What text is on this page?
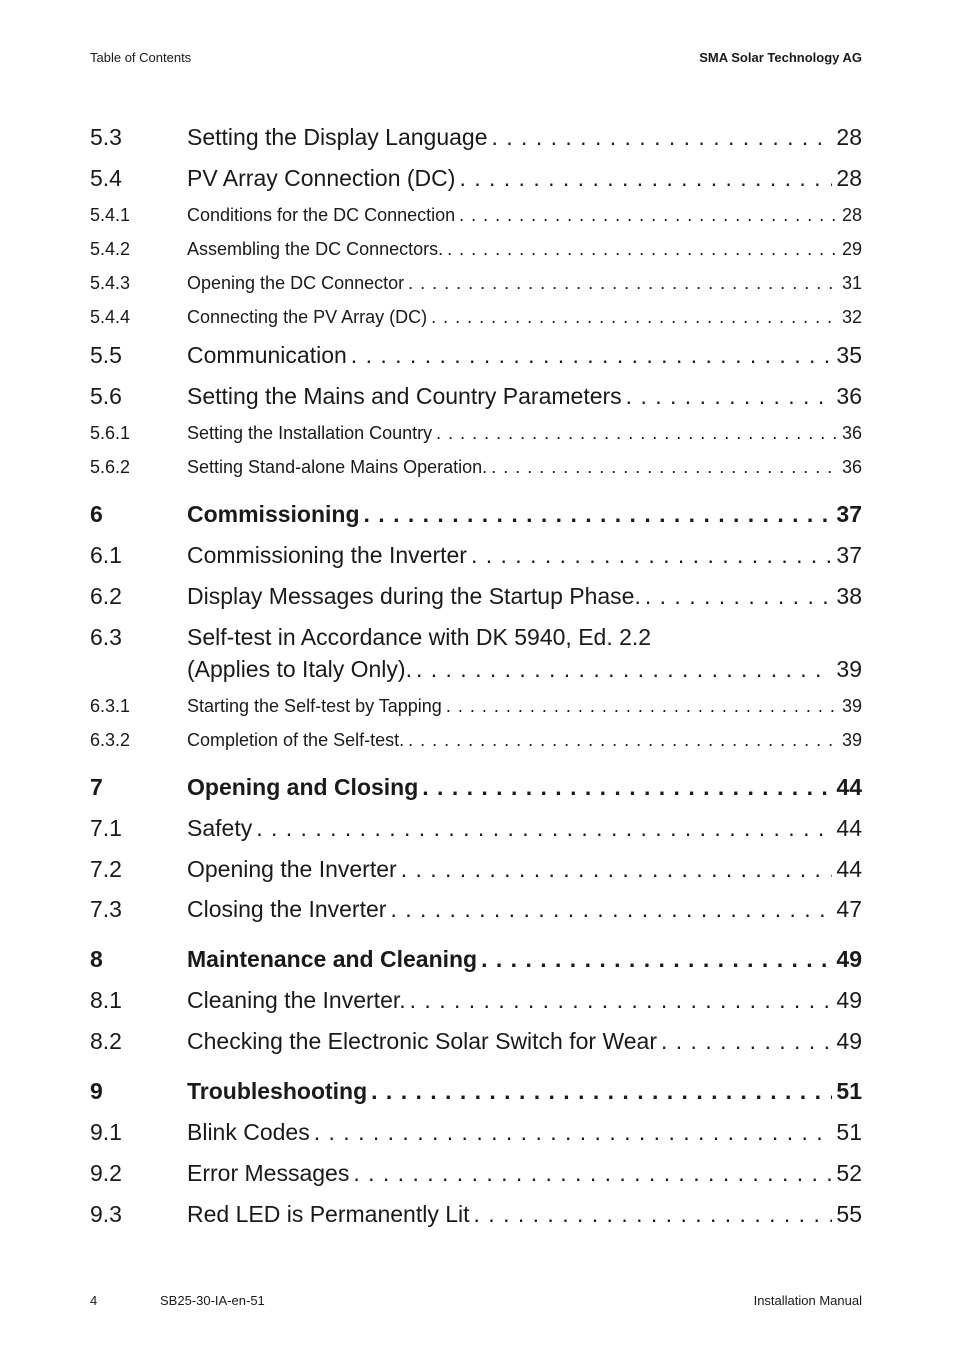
Table of Contents	SMA Solar Technology AG
5.3	Setting the Display Language . . .	28
5.4	PV Array Connection (DC) . . .	28
5.4.1	Conditions for the DC Connection . . .	28
5.4.2	Assembling the DC Connectors. . . .	29
5.4.3	Opening the DC Connector . . .	31
5.4.4	Connecting the PV Array (DC) . . .	32
5.5	Communication . . .	35
5.6	Setting the Mains and Country Parameters . . .	36
5.6.1	Setting the Installation Country . . .	36
5.6.2	Setting Stand-alone Mains Operation. . . .	36
6	Commissioning . . .	37
6.1	Commissioning the Inverter . . .	37
6.2	Display Messages during the Startup Phase. . . .	38
6.3	Self-test in Accordance with DK 5940, Ed. 2.2
(Applies to Italy Only). . . .	39
6.3.1	Starting the Self-test by Tapping . . .	39
6.3.2	Completion of the Self-test. . . .	39
7	Opening and Closing . . .	44
7.1	Safety . . .	44
7.2	Opening the Inverter . . .	44
7.3	Closing the Inverter . . .	47
8	Maintenance and Cleaning . . .	49
8.1	Cleaning the Inverter. . . .	49
8.2	Checking the Electronic Solar Switch for Wear . . .	49
9	Troubleshooting . . .	51
9.1	Blink Codes . . .	51
9.2	Error Messages . . .	52
9.3	Red LED is Permanently Lit . . .	55
4	SB25-30-IA-en-51	Installation Manual
